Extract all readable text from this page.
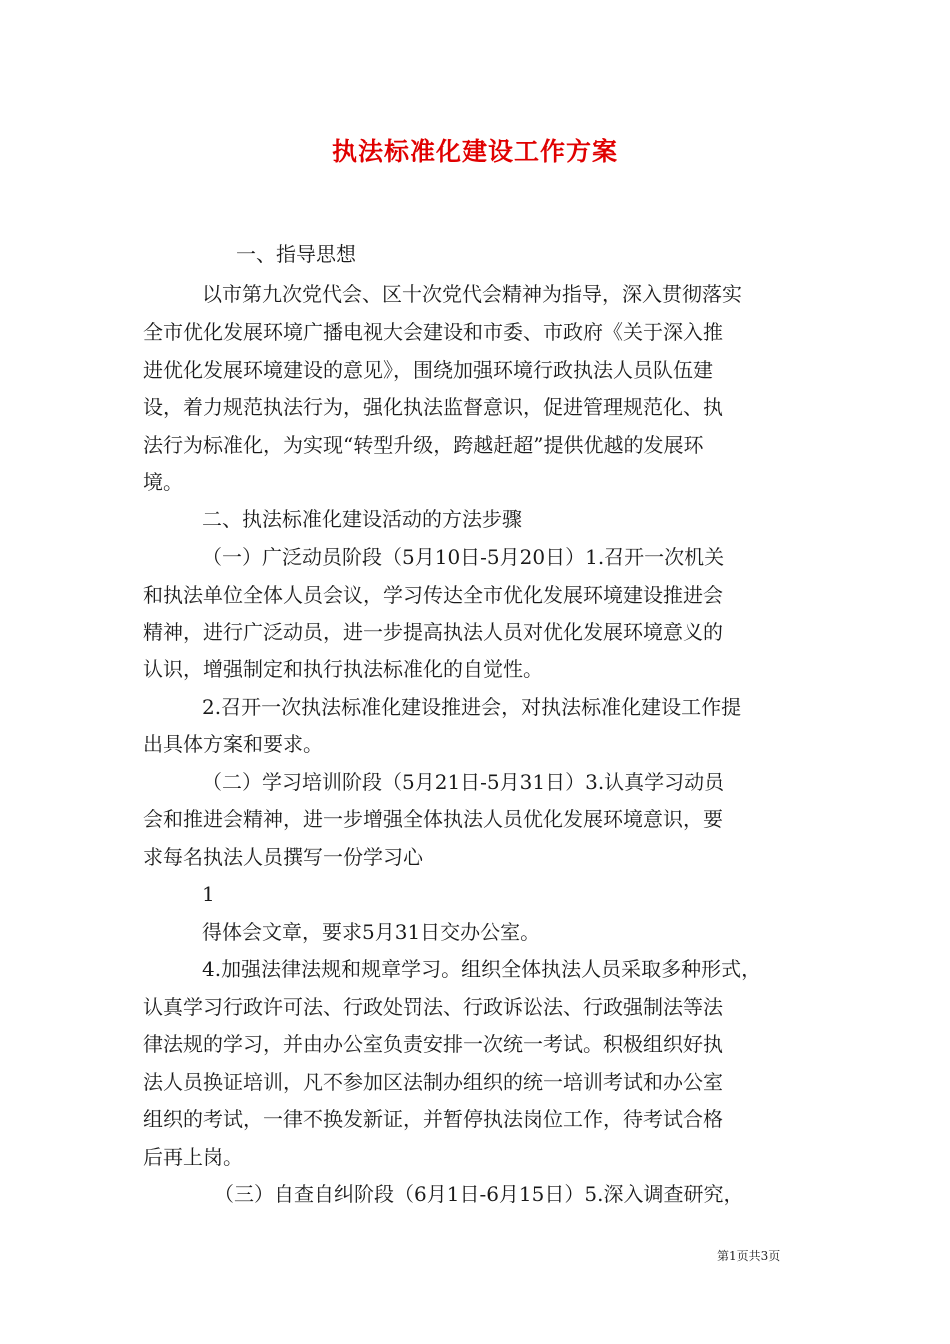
执法标准化建设工作方案

一、指导思想

以市第九次党代会、区十次党代会精神为指导，深入贯彻落实

全市优化发展环境广播电视大会建设和市委、市政府《关于深入推

进优化发展环境建设的意见》，围绕加强环境行政执法人员队伍建

设，着力规范执法行为，强化执法监督意识，促进管理规范化、执

法行为标准化，为实现“转型升级，跨越赶超”提供优越的发展环

境。

二、执法标准化建设活动的方法步骤

（一）广泛动员阶段（5月10日-5月20日）1.召开一次机关

和执法单位全体人员会议，学习传达全市优化发展环境建设推进会

精神，进行广泛动员，进一步提高执法人员对优化发展环境意义的

认识，增强制定和执行执法标准化的自觉性。

2.召开一次执法标准化建设推进会，对执法标准化建设工作提

出具体方案和要求。

（二）学习培训阶段（5月21日-5月31日）3.认真学习动员

会和推进会精神，进一步增强全体执法人员优化发展环境意识，要

求每名执法人员撰写一份学习心

1

得体会文章，要求5月31日交办公室。

4.加强法律法规和规章学习。组织全体执法人员采取多种形式，

认真学习行政许可法、行政处罚法、行政诉讼法、行政强制法等法

律法规的学习，并由办公室负责安排一次统一考试。积极组织好执

法人员换证培训，凡不参加区法制办组织的统一培训考试和办公室

组织的考试，一律不换发新证，并暂停执法岗位工作，待考试合格

后再上岗。

（三）自查自纠阶段（6月1日-6月15日）5.深入调查研究，

第1页共3页
